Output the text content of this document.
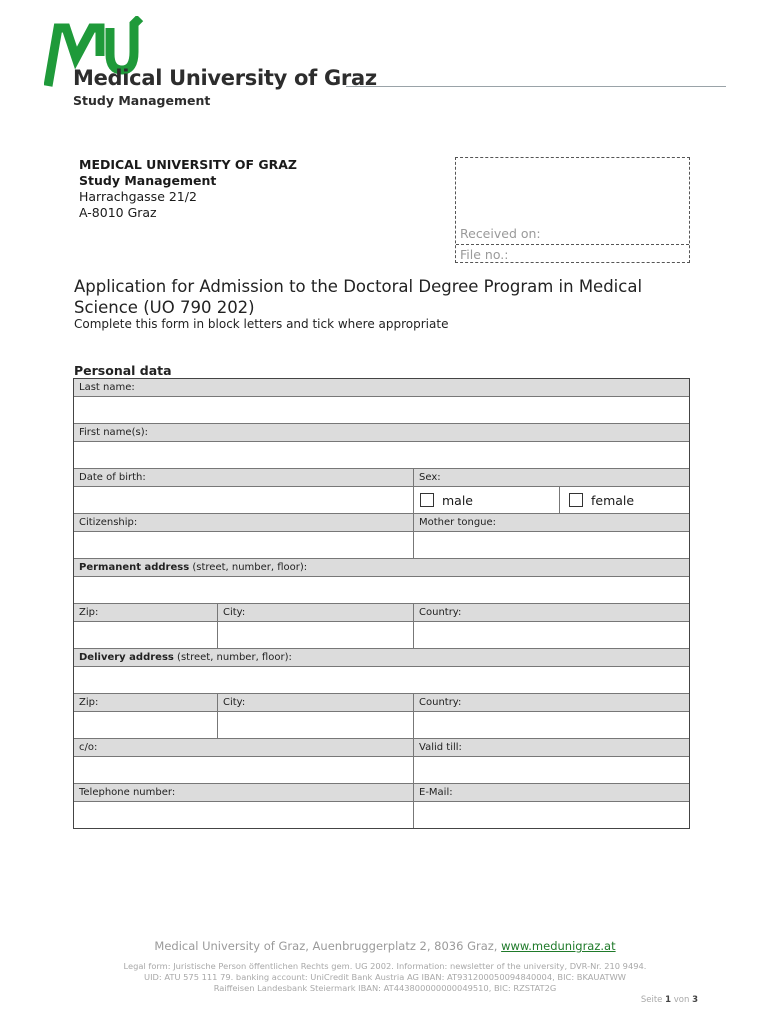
Medical University of Graz
Study Management
MEDICAL UNIVERSITY OF GRAZ
Study Management
Harrachgasse 21/2
A-8010 Graz
Received on:
File no.:
Application for Admission to the Doctoral Degree Program in Medical Science (UO 790 202)
Complete this form in block letters and tick where appropriate
Personal data
Last name:
First name(s):
Date of birth:	Sex:
male	female
Citizenship:	Mother tongue:
Permanent address (street, number, floor):
Zip:	City:	Country:
Delivery address (street, number, floor):
Zip:	City:	Country:
c/o:	Valid till:
Telephone number:	E-Mail:
Medical University of Graz, Auenbruggerplatz 2, 8036 Graz, www.medunigraz.at
Legal form: Juristische Person öffentlichen Rechts gem. UG 2002. Information: newsletter of the university, DVR-Nr. 210 9494.
UID: ATU 575 111 79. banking account: UniCredit Bank Austria AG IBAN: AT931200050094840004, BIC: BKAUATWW
Raiffeisen Landesbank Steiermark IBAN: AT443800000000049510, BIC: RZSTAT2G
Seite 1 von 3
